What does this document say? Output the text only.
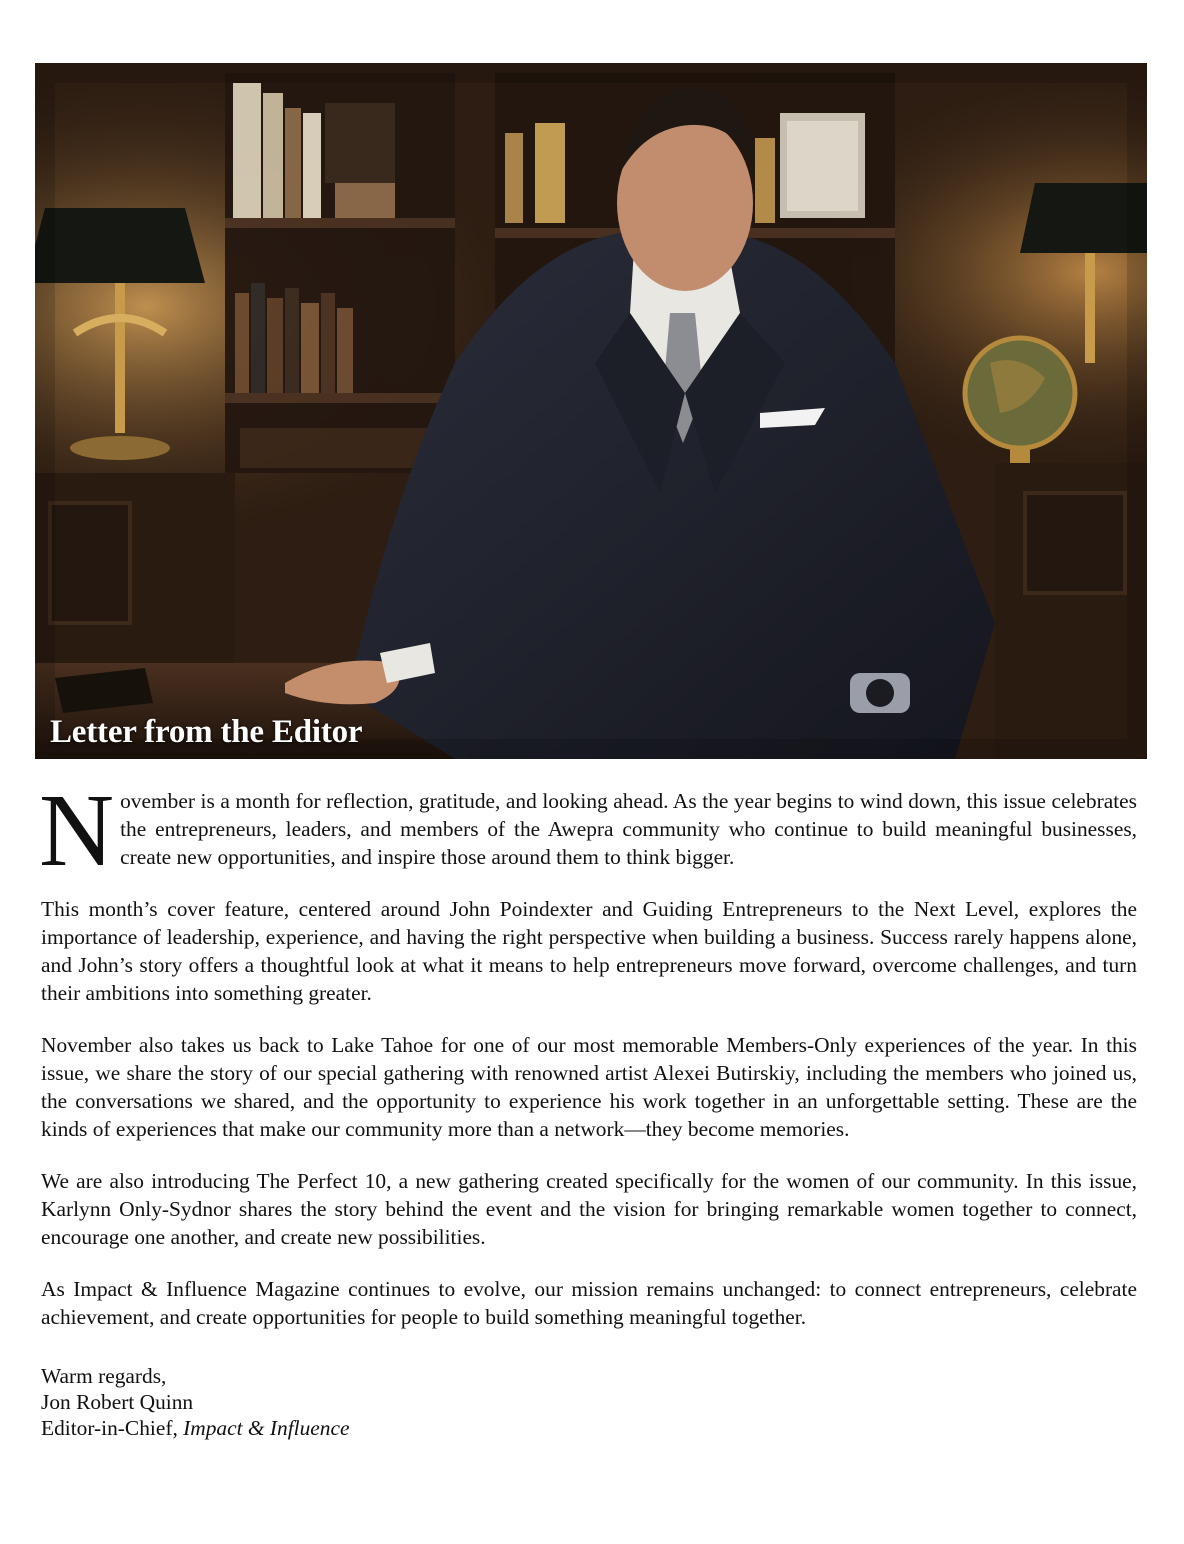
Letter from the Editor

November is a month for reflection, gratitude, and looking ahead. As the year begins to wind down, this issue celebrates the entrepreneurs, leaders, and members of the Awepra community who continue to build meaningful businesses, create new opportunities, and inspire those around them to think bigger.

This month’s cover feature, centered around John Poindexter and Guiding Entrepreneurs to the Next Level, explores the importance of leadership, experience, and having the right perspective when building a business. Success rarely happens alone, and John’s story offers a thoughtful look at what it means to help entrepreneurs move forward, overcome challenges, and turn their ambitions into something greater.

November also takes us back to Lake Tahoe for one of our most memorable Members-Only experiences of the year. In this issue, we share the story of our special gathering with renowned artist Alexei Butirskiy, including the members who joined us, the conversations we shared, and the opportunity to experience his work together in an unforgettable setting. These are the kinds of experiences that make our community more than a network—they become memories.

We are also introducing The Perfect 10, a new gathering created specifically for the women of our community. In this issue, Karlynn Only-Sydnor shares the story behind the event and the vision for bringing remarkable women together to connect, encourage one another, and create new possibilities.

As Impact & Influence Magazine continues to evolve, our mission remains unchanged: to connect entrepreneurs, celebrate achievement, and create opportunities for people to build something meaningful together.

Warm regards,
Jon Robert Quinn
Editor-in-Chief, Impact & Influence
